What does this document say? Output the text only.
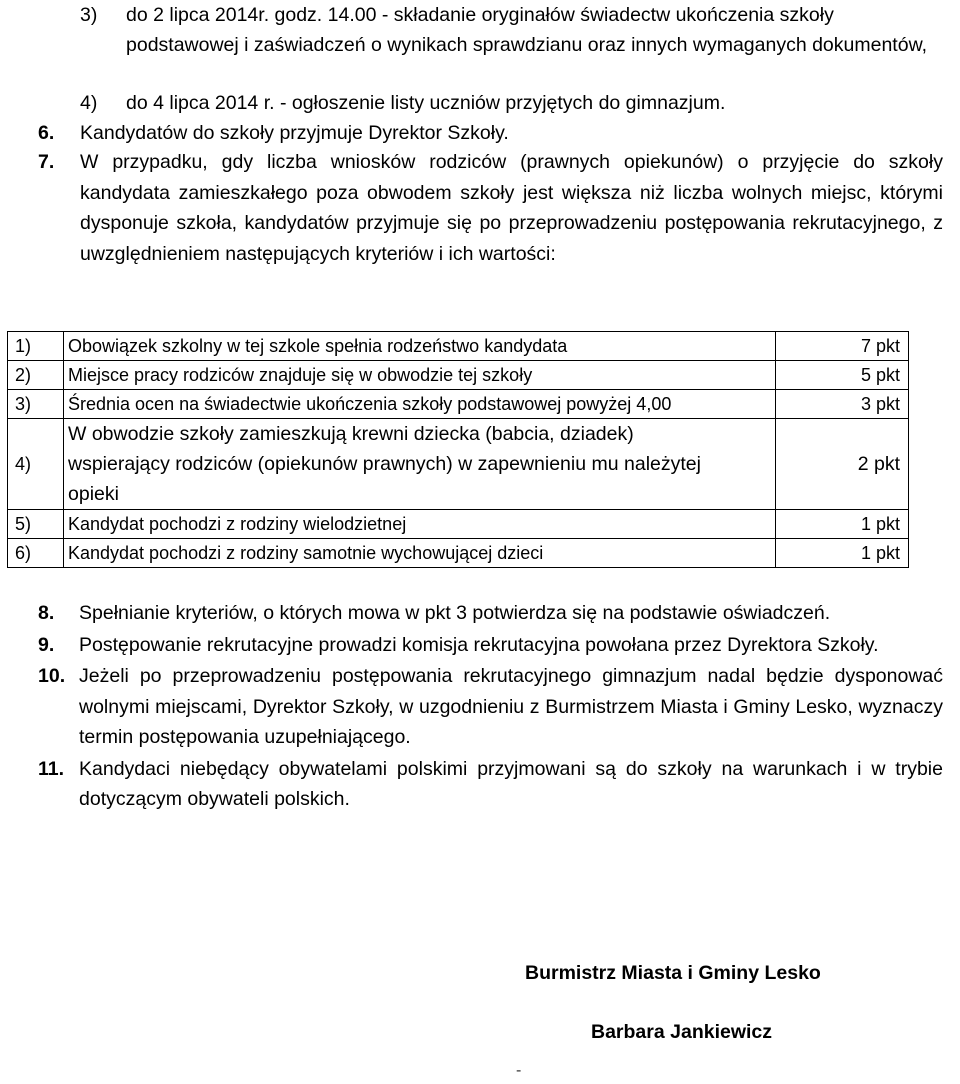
3)	do 2 lipca 2014r. godz. 14.00 - składanie oryginałów świadectw ukończenia szkoły podstawowej i zaświadczeń o wynikach sprawdzianu oraz innych wymaganych dokumentów,
4)	do 4 lipca 2014 r. - ogłoszenie listy uczniów przyjętych do gimnazjum.
6.	Kandydatów do szkoły przyjmuje Dyrektor Szkoły.
7.	W przypadku, gdy liczba wniosków rodziców (prawnych opiekunów) o przyjęcie do szkoły kandydata zamieszkałego poza obwodem szkoły jest większa niż liczba wolnych miejsc, którymi dysponuje szkoła, kandydatów przyjmuje się po przeprowadzeniu postępowania rekrutacyjnego, z uwzględnieniem następujących kryteriów i ich wartości:
1)	Obowiązek szkolny w tej szkole spełnia rodzeństwo kandydata	7 pkt
2)	Miejsce pracy rodziców znajduje się w obwodzie tej szkoły	5 pkt
3)	Średnia ocen na świadectwie ukończenia szkoły podstawowej powyżej 4,00	3 pkt
4)	W obwodzie szkoły zamieszkują krewni dziecka (babcia, dziadek) wspierający rodziców (opiekunów prawnych) w zapewnieniu mu należytej opieki	2 pkt
5)	Kandydat pochodzi z rodziny wielodzietnej	1 pkt
6)	Kandydat pochodzi z rodziny samotnie wychowującej dzieci	1 pkt
8.	Spełnianie kryteriów, o których mowa w pkt 3 potwierdza się na podstawie oświadczeń.
9.	Postępowanie rekrutacyjne prowadzi komisja rekrutacyjna powołana przez Dyrektora Szkoły.
10. Jeżeli po przeprowadzeniu postępowania rekrutacyjnego gimnazjum nadal będzie dysponować wolnymi miejscami, Dyrektor Szkoły, w uzgodnieniu z Burmistrzem Miasta i Gminy Lesko, wyznaczy termin postępowania uzupełniającego.
11. Kandydaci niebędący obywatelami polskimi przyjmowani są do szkoły na warunkach i w trybie dotyczącym obywateli polskich.
Burmistrz Miasta i Gminy Lesko
Barbara Jankiewicz
-
